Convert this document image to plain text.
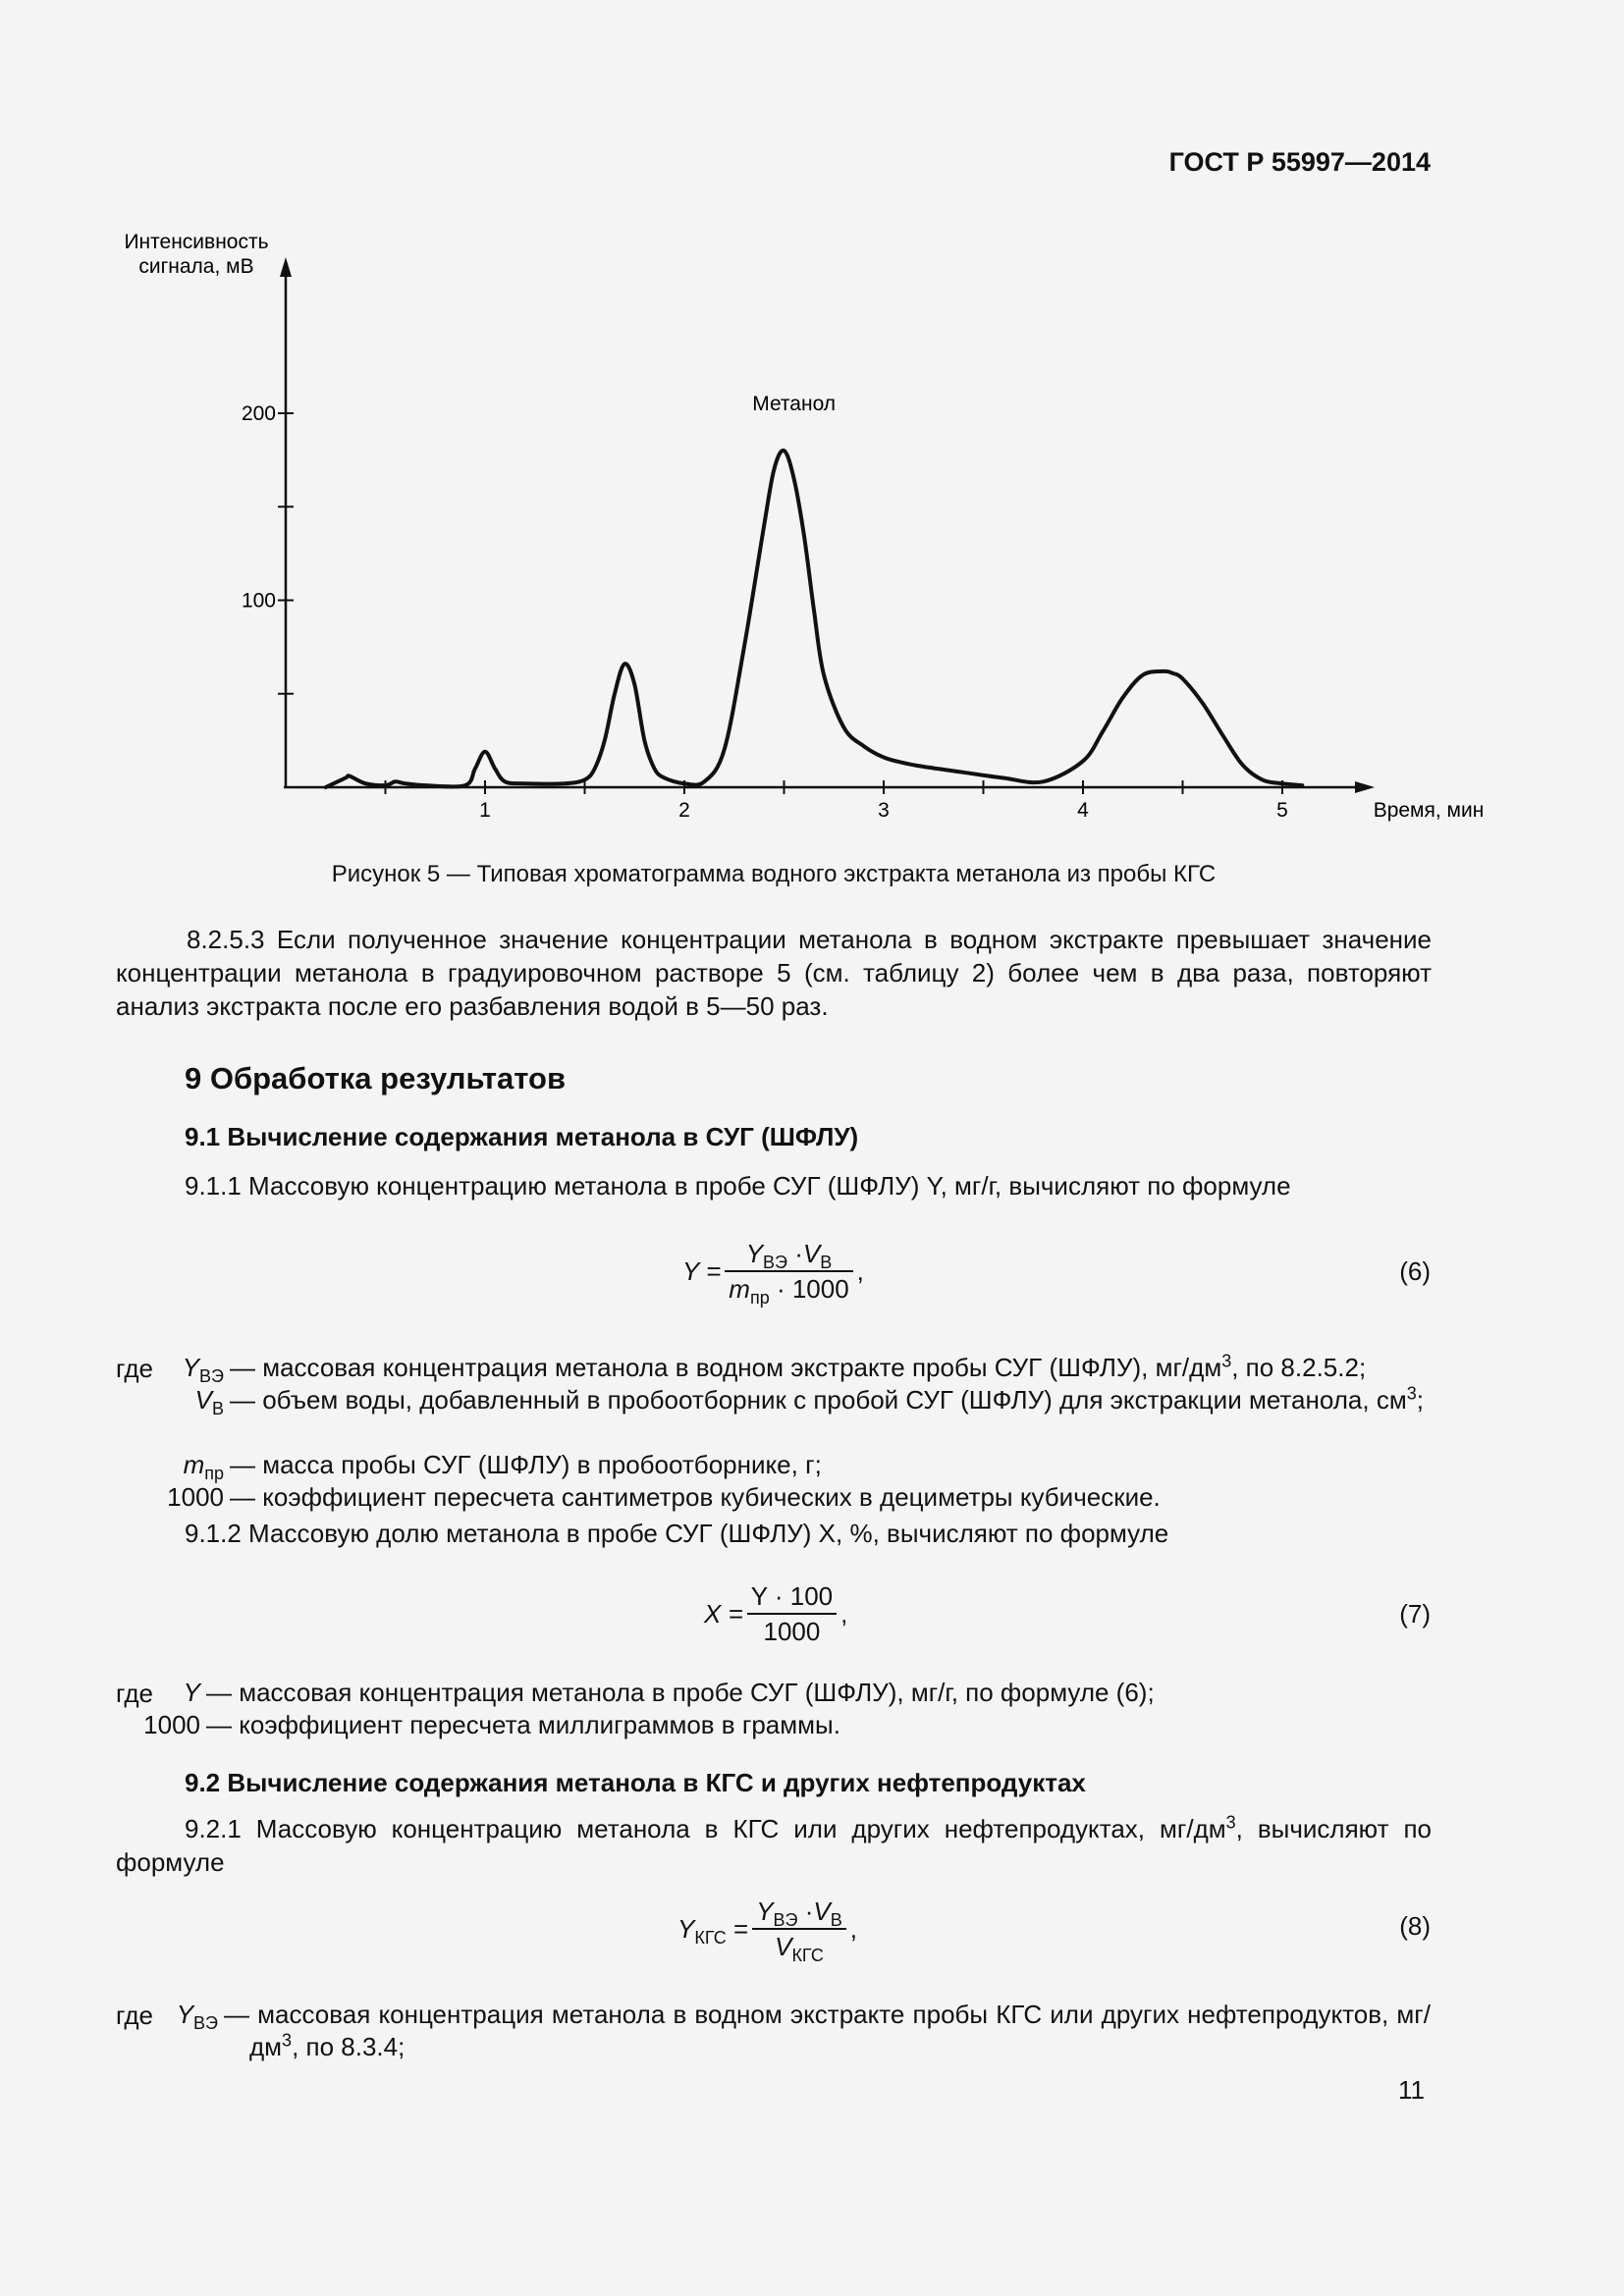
ГОСТ Р 55997—2014
Интенсивность
сигнала, мВ
200
100
1	2	3	4	5
Метанол
Время, мин
Рисунок 5 — Типовая хроматограмма водного экстракта метанола из пробы КГС
8.2.5.3 Если полученное значение концентрации метанола в водном экстракте превышает значение концентрации метанола в градуировочном растворе 5 (см. таблицу 2) более чем в два раза, повторяют анализ экстракта после его разбавления водой в 5—50 раз.
9 Обработка результатов
9.1 Вычисление содержания метанола в СУГ (ШФЛУ)
9.1.1 Массовую концентрацию метанола в пробе СУГ (ШФЛУ) Y, мг/г, вычисляют по формуле
$Y = \frac{Y_{ВЭ} \cdot V_В}{m_{пр} \cdot 1000}$ ,	(6)
где $Y_{ВЭ}$ — массовая концентрация метанола в водном экстракте пробы СУГ (ШФЛУ), $мг/дм^3$, по 8.2.5.2;
$V_В$ — объем воды, добавленный в пробоотборник с пробой СУГ (ШФЛУ) для экстракции метанола, $см^3$;
$m_{пр}$ — масса пробы СУГ (ШФЛУ) в пробоотборнике, г;
1000 — коэффициент пересчета сантиметров кубических в дециметры кубические.
9.1.2 Массовую долю метанола в пробе СУГ (ШФЛУ) X, %, вычисляют по формуле
$X = \frac{Y \cdot 100}{1000}$ ,	(7)
где Y — массовая концентрация метанола в пробе СУГ (ШФЛУ), мг/г, по формуле (6);
1000 — коэффициент пересчета миллиграммов в граммы.
9.2 Вычисление содержания метанола в КГС и других нефтепродуктах
9.2.1 Массовую концентрацию метанола в КГС или других нефтепродуктах, $мг/дм^3$, вычисляют по формуле
$Y_{КГС} = \frac{Y_{ВЭ} \cdot V_В}{V_{КГС}}$ ,	(8)
где $Y_{ВЭ}$ — массовая концентрация метанола в водном экстракте пробы КГС или других нефтепродуктов, $мг/дм^3$, по 8.3.4;
11
